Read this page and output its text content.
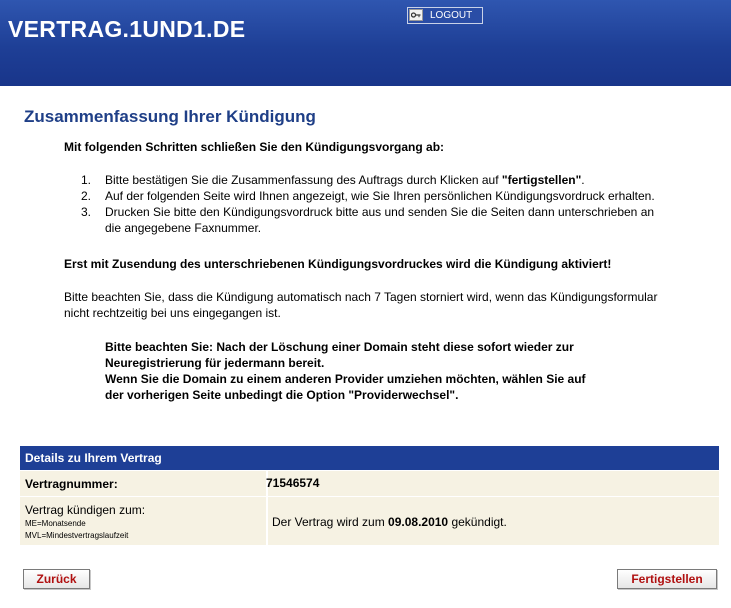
VERTRAG.1UND1.DE
LOGOUT
Zusammenfassung Ihrer Kündigung
Mit folgenden Schritten schließen Sie den Kündigungsvorgang ab:
1. Bitte bestätigen Sie die Zusammenfassung des Auftrags durch Klicken auf "fertigstellen".
2. Auf der folgenden Seite wird Ihnen angezeigt, wie Sie Ihren persönlichen Kündigungsvordruck erhalten.
3. Drucken Sie bitte den Kündigungsvordruck bitte aus und senden Sie die Seiten dann unterschrieben an
die angegebene Faxnummer.
Erst mit Zusendung des unterschriebenen Kündigungsvordruckes wird die Kündigung aktiviert!
Bitte beachten Sie, dass die Kündigung automatisch nach 7 Tagen storniert wird, wenn das Kündigungsformular
nicht rechtzeitig bei uns eingegangen ist.
Bitte beachten Sie: Nach der Löschung einer Domain steht diese sofort wieder zur
Neuregistrierung für jedermann bereit.
Wenn Sie die Domain zu einem anderen Provider umziehen möchten, wählen Sie auf
der vorherigen Seite unbedingt die Option "Providerwechsel".
Details zu Ihrem Vertrag
Vertragnummer:	71546574
Vertrag kündigen zum:
ME=Monatsende
MVL=Mindestvertragslaufzeit
Der Vertrag wird zum 09.08.2010 gekündigt.
Zurück	Fertigstellen
